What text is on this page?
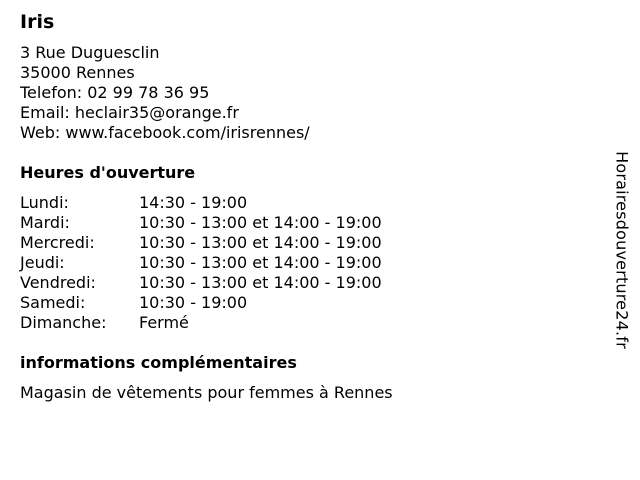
Iris
3 Rue Duguesclin
35000 Rennes
Telefon: 02 99 78 36 95
Email: heclair35@orange.fr
Web: www.facebook.com/irisrennes/
Heures d'ouverture
Lundi:	14:30 - 19:00
Mardi:	10:30 - 13:00 et 14:00 - 19:00
Mercredi:	10:30 - 13:00 et 14:00 - 19:00
Jeudi:	10:30 - 13:00 et 14:00 - 19:00
Vendredi:	10:30 - 13:00 et 14:00 - 19:00
Samedi:	10:30 - 19:00
Dimanche:	Fermé
informations complémentaires
Magasin de vêtements pour femmes à Rennes
Horairesdouverture24.fr
